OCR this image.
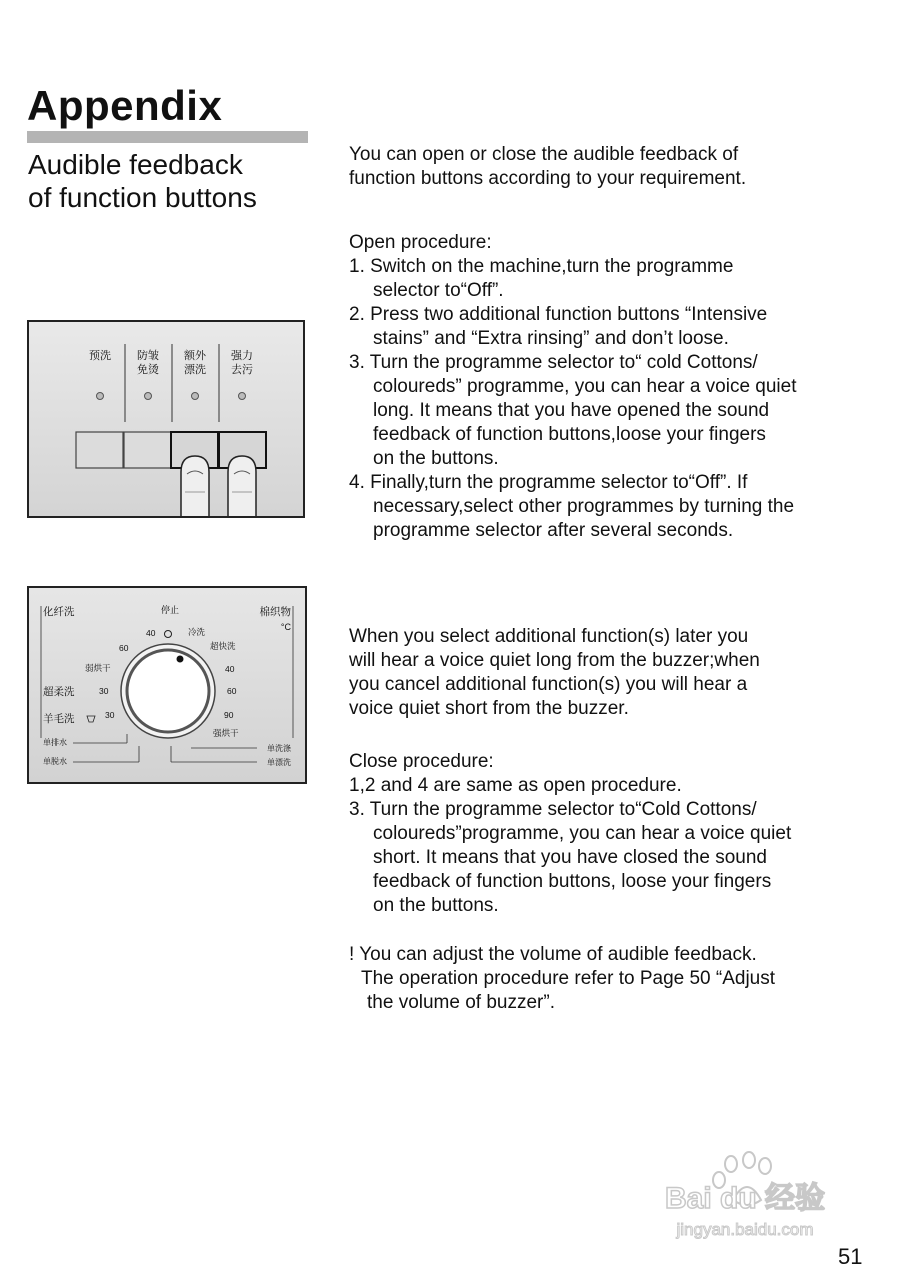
Appendix
Audible feedback
of function buttons

You can open or close the audible feedback of

function buttons according to your requirement.

Open procedure:

1. Switch on the machine,turn the programme

selector to“Off”.

2. Press two additional function buttons “Intensive

stains” and “Extra rinsing” and don’t loose.

3. Turn the programme selector to“ cold Cottons/

coloureds” programme, you can hear a voice quiet

long. It means that you have opened the sound

feedback of function buttons,loose your fingers

on the buttons.

4. Finally,turn the programme selector to“Off”. If

necessary,select other programmes by turning the

programme selector after several seconds.

When you select additional function(s) later you

will hear a voice quiet long from the buzzer;when

you cancel additional function(s) you will hear a

voice quiet short from the buzzer.

Close procedure:

1,2 and 4 are same as open procedure.

3. Turn the programme selector to“Cold Cottons/

coloureds”programme, you can hear a voice quiet

short. It means that you have closed the sound

feedback of function buttons, loose your fingers

on the buttons.

! You can adjust the volume of audible feedback.

The operation procedure refer to Page 50 “Adjust

the volume of buzzer”.

预洗 防皱免烫
额外漂洗
强力去污
化纤洗	停止	棉织物
°C
40
60
冷洗
超快洗
弱烘干	40
超柔洗	30	60
羊毛洗	30	90
强烘干
单排水
单脱水
单洗涤
单漂洗
Bai du 经验
jingyan.baidu.com
51
